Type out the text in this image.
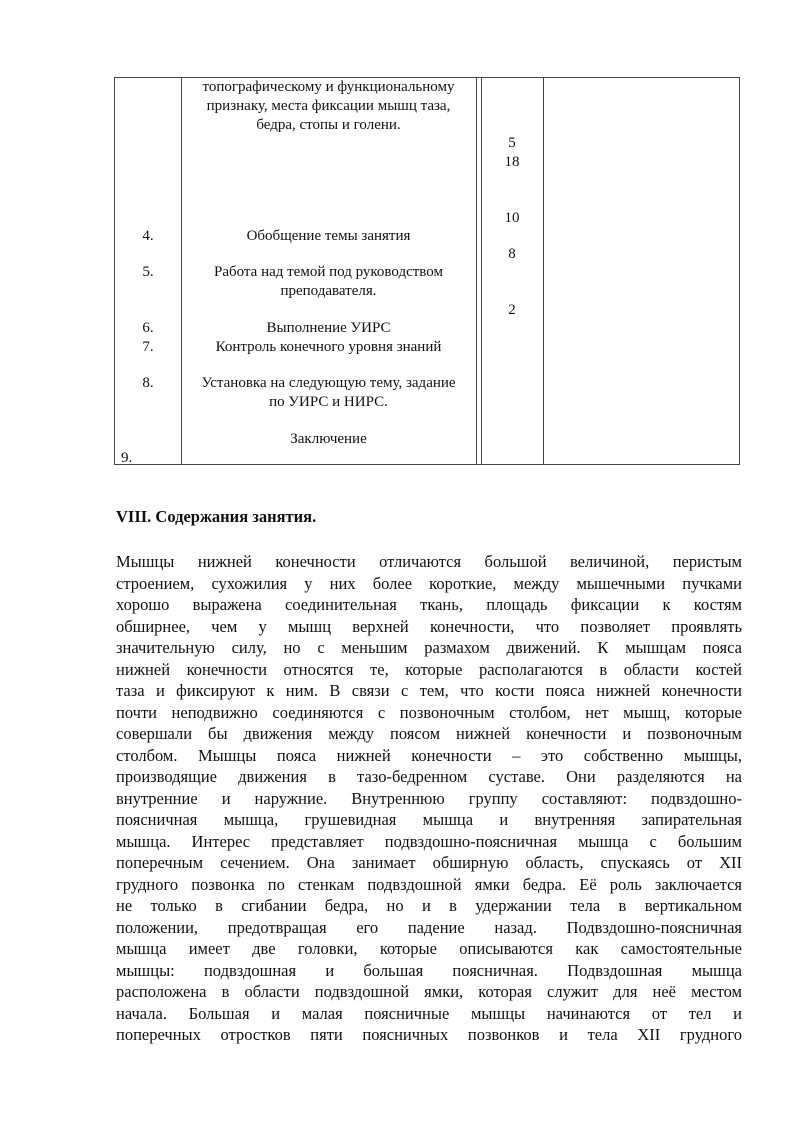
топографическому и функциональному
признаку, места фиксации мышц таза,
бедра, стопы и голени.
4.
5.
6.
7.
8.
9.
Обобщение темы занятия
Работа над темой под руководством
преподавателя.
Выполнение УИРС
Контроль конечного уровня знаний
Установка на следующую тему, задание
по УИРС и НИРС.
Заключение
5
18
10
8
2
VIII. Содержания занятия.
Мышцы нижней конечности отличаются большой величиной, перистым
строением, сухожилия у них более короткие, между мышечными пучками
хорошо выражена соединительная ткань, площадь фиксации к костям
обширнее, чем у мышц верхней конечности, что позволяет проявлять
значительную силу, но с меньшим размахом движений. К мышцам пояса
нижней конечности относятся те, которые располагаются в области костей
таза и фиксируют к ним. В связи с тем, что кости пояса нижней конечности
почти неподвижно соединяются с позвоночным столбом, нет мышц, которые
совершали бы движения между поясом нижней конечности и позвоночным
столбом. Мышцы пояса нижней конечности – это собственно мышцы,
производящие движения в тазо-бедренном суставе. Они разделяются на
внутренние и наружние. Внутреннюю группу составляют: подвздошно-
поясничная мышца, грушевидная мышца и внутренняя запирательная
мышца. Интерес представляет подвздошно-поясничная мышца с большим
поперечным сечением. Она занимает обширную область, спускаясь от XII
грудного позвонка по стенкам подвздошной ямки бедра. Её роль заключается
не только в сгибании бедра, но и в удержании тела в вертикальном
положении, предотвращая его падение назад. Подвздошно-поясничная
мышца имеет две головки, которые описываются как самостоятельные
мышцы: подвздошная и большая поясничная. Подвздошная мышца
расположена в области подвздошной ямки, которая служит для неё местом
начала. Большая и малая поясничные мышцы начинаются от тел и
поперечных отростков пяти поясничных позвонков и тела XII грудного
